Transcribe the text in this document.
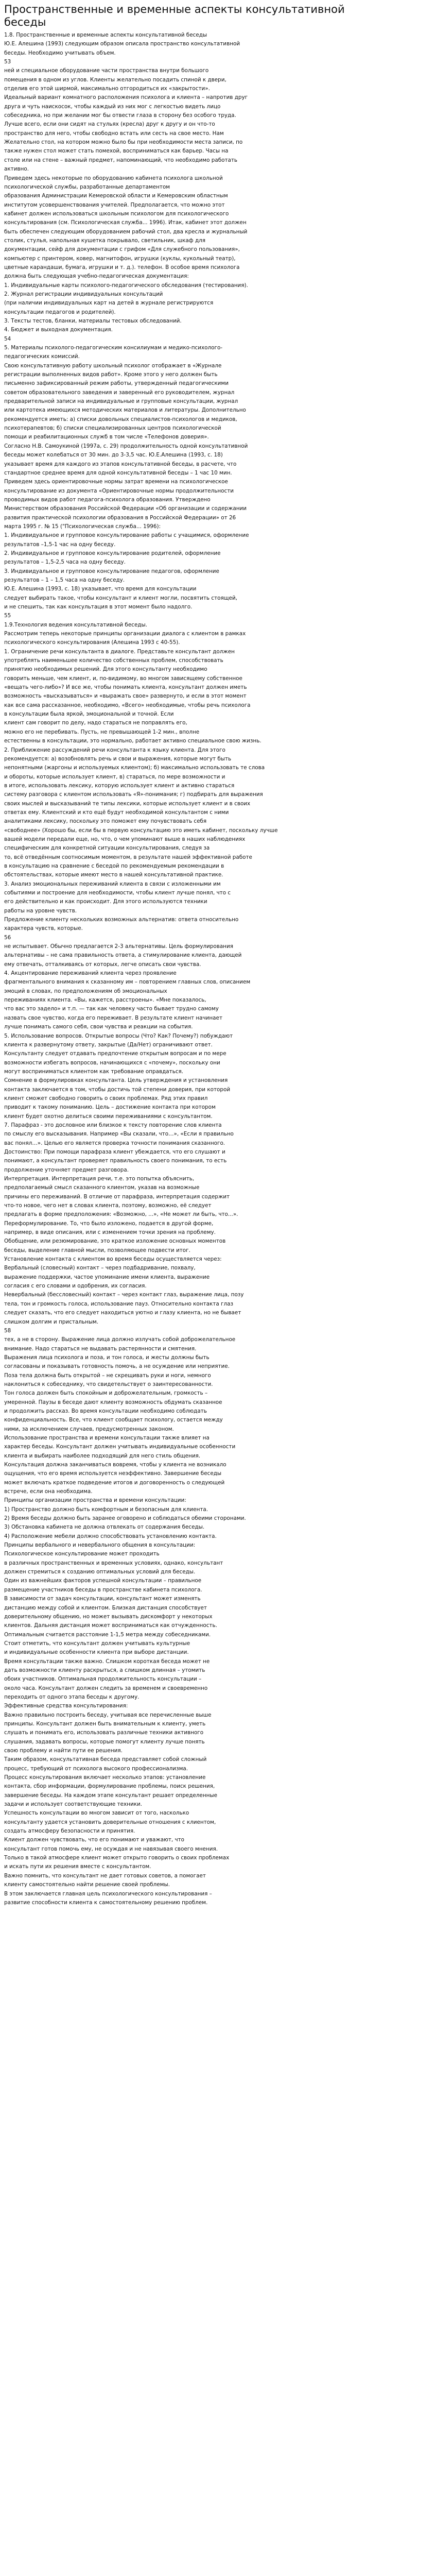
Пространственные и временные аспекты консультативной
беседы
1.8. Пространственные и временные аспекты консультативной беседы
Ю.Е. Алешина (1993) следующим образом описала пространство консультативной
беседы. Необходимо учитывать объем.
53
ней и специальное оборудование части пространства внутри большого
помещения в одном из углов. Клиенты желательно посадить спиной к двери,
отделив его этой ширмой, максимально отгородиться их «закрытости».
Идеальный вариант комнатного расположения психолога и клиента – напротив друг
друга и чуть наискосок, чтобы каждый из них мог с легкостью видеть лицо
собеседника, но при желании мог бы отвести глаза в сторону без особого труда.
Лучше всего, если они сидят на стульях (кресла) друг к другу и он что-то
пространство для него, чтобы свободно встать или сесть на свое место. Нам
Желательно стол, на котором можно было бы при необходимости меcта записи, по
также нужен стол может стать помехой, восприниматься как барьер. Часы на
столе или на стене – важный предмет, напоминающий, что необходимо работать
активно.
Приведем здесь некоторые по оборудованию кабинета психолога школьной
психологической службы, разработанные департаментом
образования Администрации Кемеровской области и Кемеровским областным
институтом усовершенствования учителей. Предполагается, что можно этот
кабинет должен использоваться школьным психологом для психологического
консультирования (см. Психологическая служба... 1996). Итак, кабинет этот должен
быть обеспечен следующим оборудованием рабочий стол, два кресла и журнальный
столик, стулья, напольная кушетка покрывало, светильник, шкаф для
документации, сейф для документации с грифом «Для служебного пользования»,
компьютер с принтером, ковер, магнитофон, игрушки (куклы, кукольный театр),
цветные карандаши, бумага, игрушки и т. д.). телефон. В особое время психолога
должна быть следующая учебно-педагогическая документация:
1. Индивидуальные карты психолого-педагогического обследования (тестирования).
2. Журнал регистрации индивидуальных консультаций
(при наличии индивидуальных карт на детей в журнале регистрируются
консультации педагогов и родителей).
3. Тексты тестов, бланки, материалы тестовых обследований.
4. Бюджет и выходная документация.
54
5. Материалы психолого-педагогическим консилиумам и медико-психолого-
педагогических комиссий.
Свою консультативную работу школьный психолог отображает в «Журнале
регистрации выполненных видов работ». Кроме этого у него должен быть
письменно зафиксированный режим работы, утвержденный педагогическими
советом образовательного заведения и заверенный его руководителем, журнал
предварительной записи на индивидуальные и групповые консультации, журнал
или картотека имеющихся методических материалов и литературы. Дополнительно
рекомендуется иметь: а) списки довольных специалистов-психологов и медиков,
психотерапевтов; б) списки специализированных центров психологической
помощи и реабилитационных служб в том числе «Телефонов доверия».
Согласно Н.В. Самоукиной (1997а, с. 29) продолжительность одной консультативной
беседы может колебаться от 30 мин. до 3-3,5 час. Ю.Е.Алешина (1993, с. 18)
указывает время для каждого из этапов консультативной беседы, в расчете, что
стандартное среднее время для одной консультативной беседы – 1 час 10 мин.
Приведем здесь ориентировочные нормы затрат времени на психологическое
консультирование из документа «Ориентировочные нормы продолжительности
проводимых видов работ педагога-психолога образования. Утверждено
Министерством образования Российской Федерации «Об организации и содержании
развития практической психологии образования в Российской Федерации» от 26
марта 1995 г. № 15 ("Психологическая служба... 1996):
1. Индивидуальное и групповое консультирование работы с учащимися, оформление
результатов –1,5-1 час на одну беседу.
2. Индивидуальное и групповое консультирование родителей, оформление
результатов – 1,5-2,5 часа на одну беседу.
3. Индивидуальное и групповое консультирование педагогов, оформление
результатов – 1 – 1,5 часа на одну беседу.
Ю.Е. Алешина (1993, с. 18) указывает, что время для консультации
следует выбирать такое, чтобы консультант и клиент могли, посвятить стоящей,
и не спешить, так как консультация в этот момент было надолго.
55
1.9.Технология ведения консультативной беседы.
Рассмотрим теперь некоторые принципы организации диалога с клиентом в рамках
психологического консультирования (Алешина 1993 с 40-55).
1. Ограничение речи консультанта в диалоге. Представьте консультант должен
употреблять наименьшее количество собственных проблем, способствовать
принятию необходимых решений. Для этого консультанту необходимо
говорить меньше, чем клиент, и, по-видимому, во многом зависящему собственное
«вещать чего-либо»? И все же, чтобы понимать клиента, консультант должен иметь
возможность «высказываться» и «выражать свое» развернуто, и если в этот момент
как все сама рассказанное, необходимо, «Всего» необходимые, чтобы речь психолога
в консультации была яркой, эмоциональной и точной. Если
клиент сам говорит по делу, надо стараться не поправлять его,
можно его не перебивать. Пусть, не превышающей 1-2 мин., вполне
естественны в консультации, это нормально, работает активно специальное свою жизнь.
2. Приближение рассуждений речи консультанта к языку клиента. Для этого
рекомендуется: а) возобновлять речь и свои и выражения, которые могут быть
непонятными (жаргоны и используемых клиентом); б) максимально использовать те слова
и обороты, которые использует клиент, в) стараться, по мере возможности и
в итоге, использовать лексику, которую использует клиент и активно стараться
систему разговора с клиентом использовать «Я»-понимания; г) подбирать для выражения
своих мыслей и высказываний те типы лексики, которые использует клиент и в своих
ответах ему. Клиентский и кто ещё будут необходимой консультантом с ними
аналитиками лексику, поскольку это поможет ему почувствовать себя
«свободнее» (Хорошо бы, если бы в первую консультацию это иметь кабинет, поскольку лучше
вашей модели передали еще, но, что, о чем упоминают выше в наших наблюдениях
специфическим для конкретной ситуации консультирования, следуя за
то, всё отведённым соотносимым моментом, в результате нашей эффективной работе
в консультацию на сравнение с беседой по рекомендуемым рекомендации в
обстоятельствах, которые имеют место в нашей консультативной практике.
3. Анализ эмоциональных переживаний клиента в связи с изложенными им
событиями и построение для необходимости, чтобы клиент лучше понял, что с
его действительно и как происходит. Для этого используются техники
работы на уровне чувств.
Предложение клиенту нескольких возможных альтернатив: ответа относительно
характера чувств, которые.
56
не испытывает. Обычно предлагается 2-3 альтернативы. Цель формулирования
альтернативы – не сама правильность ответа, а стимулирование клиента, дающей
ему отвечать, отталкиваясь от которых, легче описать свои чувства.
4. Акцентирование переживаний клиента через проявление
фрагментального внимания к сказанному им – повторением главных слов, описанием
эмоций в словах, по предположениям об эмоциональных
переживаниях клиента. «Вы, кажется, расстроены». «Мне показалось,
что вас это задело» и т.п. — так как человеку часто бывает трудно самому
назвать свое чувство, когда его переживает. В результате клиент начинает
лучше понимать самого себя, свои чувства и реакции на события.
5. Использование вопросов. Открытые вопросы (Что? Как? Почему?) побуждают
клиента к развернутому ответу, закрытые (Да/Нет) ограничивают ответ.
Консультанту следует отдавать предпочтение открытым вопросам и по мере
возможности избегать вопросов, начинающихся с «почему», поскольку они
могут восприниматься клиентом как требование оправдаться.
Сомнение в формулировках консультанта. Цель утверждения и установления
контакта заключается в том, чтобы достичь той степени доверия, при которой
клиент сможет свободно говорить о своих проблемах. Ряд этих правил
приводит к такому пониманию. Цель – достижение контакта при котором
клиент будет охотно делиться своими переживаниями с консультантом.
7. Парафраз - это дословное или близкое к тексту повторение слов клиента
по смыслу его высказывания. Например «Вы сказали, что…», «Если я правильно
вас понял…». Целью его является проверка точности понимания сказанного.
Достоинство: При помощи парафраза клиент убеждается, что его слушают и
понимают, а консультант проверяет правильность своего понимания, то есть
продолжение уточняет предмет разговора.
Интерпретация. Интерпретация речи, т.е. это попытка объяснить,
предполагаемый смысл сказанного клиентом, указав на возможные
причины его переживаний. В отличие от парафраза, интерпретация содержит
что-то новое, чего нет в словах клиента, поэтому, возможно, её следует
предлагать в форме предположения: «Возможно, ...», «Не может ли быть, что...».
Переформулирование. То, что было изложено, подается в другой форме,
например, в виде описания, или с изменением точки зрения на проблему.
Обобщение, или резюмирование, это краткое изложение основных моментов
беседы, выделение главной мысли, позволяющее подвести итог.
Установление контакта с клиентом во время беседы осуществляется через:
Вербальный (словесный) контакт – через подбадривание, похвалу,
выражение поддержки, частое упоминание имени клиента, выражение
согласия с его словами и одобрения, их согласия.
Невербальный (бессловесный) контакт – через контакт глаз, выражение лица, позу
тела, тон и громкость голоса, использование пауз. Относительно контакта глаз
следует сказать, что его следует находиться уютно и глазу клиента, но не бывает
слишком долгим и пристальным.
58
тех, а не в сторону. Выражение лица должно излучать собой доброжелательное
внимание. Надо стараться не выдавать растерянности и смятения.
Выражения лица психолога и поза, и тон голоса, и жесты должны быть
согласованы и показывать готовность помочь, а не осуждение или неприятие.
Поза тела должна быть открытой – не скрещивать руки и ноги, немного
наклониться к собеседнику, что свидетельствует о заинтересованности.
Тон голоса должен быть спокойным и доброжелательным, громкость –
умеренной. Паузы в беседе дают клиенту возможность обдумать сказанное
и продолжить рассказ. Во время консультации необходимо соблюдать
конфиденциальность. Все, что клиент сообщает психологу, остается между
ними, за исключением случаев, предусмотренных законом.
Использование пространства и времени консультации также влияет на
характер беседы. Консультант должен учитывать индивидуальные особенности
клиента и выбирать наиболее подходящий для него стиль общения.
Консультация должна заканчиваться вовремя, чтобы у клиента не возникало
ощущения, что его время используется неэффективно. Завершение беседы
может включать краткое подведение итогов и договоренность о следующей
встрече, если она необходима.
Принципы организации пространства и времени консультации:
1) Пространство должно быть комфортным и безопасным для клиента.
2) Время беседы должно быть заранее оговорено и соблюдаться обеими сторонами.
3) Обстановка кабинета не должна отвлекать от содержания беседы.
4) Расположение мебели должно способствовать установлению контакта.
Принципы вербального и невербального общения в консультации:
Психологическое консультирование может проходить
в различных пространственных и временных условиях, однако, консультант
должен стремиться к созданию оптимальных условий для беседы.
Один из важнейших факторов успешной консультации – правильное
размещение участников беседы в пространстве кабинета психолога.
В зависимости от задач консультации, консультант может изменять
дистанцию между собой и клиентом. Близкая дистанция способствует
доверительному общению, но может вызывать дискомфорт у некоторых
клиентов. Дальняя дистанция может восприниматься как отчужденность.
Оптимальным считается расстояние 1-1,5 метра между собеседниками.
Стоит отметить, что консультант должен учитывать культурные
и индивидуальные особенности клиента при выборе дистанции.
Время консультации также важно. Слишком короткая беседа может не
дать возможности клиенту раскрыться, а слишком длинная – утомить
обоих участников. Оптимальная продолжительность консультации –
около часа. Консультант должен следить за временем и своевременно
переходить от одного этапа беседы к другому.
Эффективные средства консультирования:
Важно правильно построить беседу, учитывая все перечисленные выше
принципы. Консультант должен быть внимательным к клиенту, уметь
слушать и понимать его, использовать различные техники активного
слушания, задавать вопросы, которые помогут клиенту лучше понять
свою проблему и найти пути ее решения.
Таким образом, консультативная беседа представляет собой сложный
процесс, требующий от психолога высокого профессионализма.
Процесс консультирования включает несколько этапов: установление
контакта, сбор информации, формулирование проблемы, поиск решения,
завершение беседы. На каждом этапе консультант решает определенные
задачи и использует соответствующие техники.
Успешность консультации во многом зависит от того, насколько
консультанту удается установить доверительные отношения с клиентом,
создать атмосферу безопасности и принятия.
Клиент должен чувствовать, что его понимают и уважают, что
консультант готов помочь ему, не осуждая и не навязывая своего мнения.
Только в такой атмосфере клиент может открыто говорить о своих проблемах
и искать пути их решения вместе с консультантом.
Важно помнить, что консультант не дает готовых советов, а помогает
клиенту самостоятельно найти решение своей проблемы.
В этом заключается главная цель психологического консультирования –
развитие способности клиента к самостоятельному решению проблем.
